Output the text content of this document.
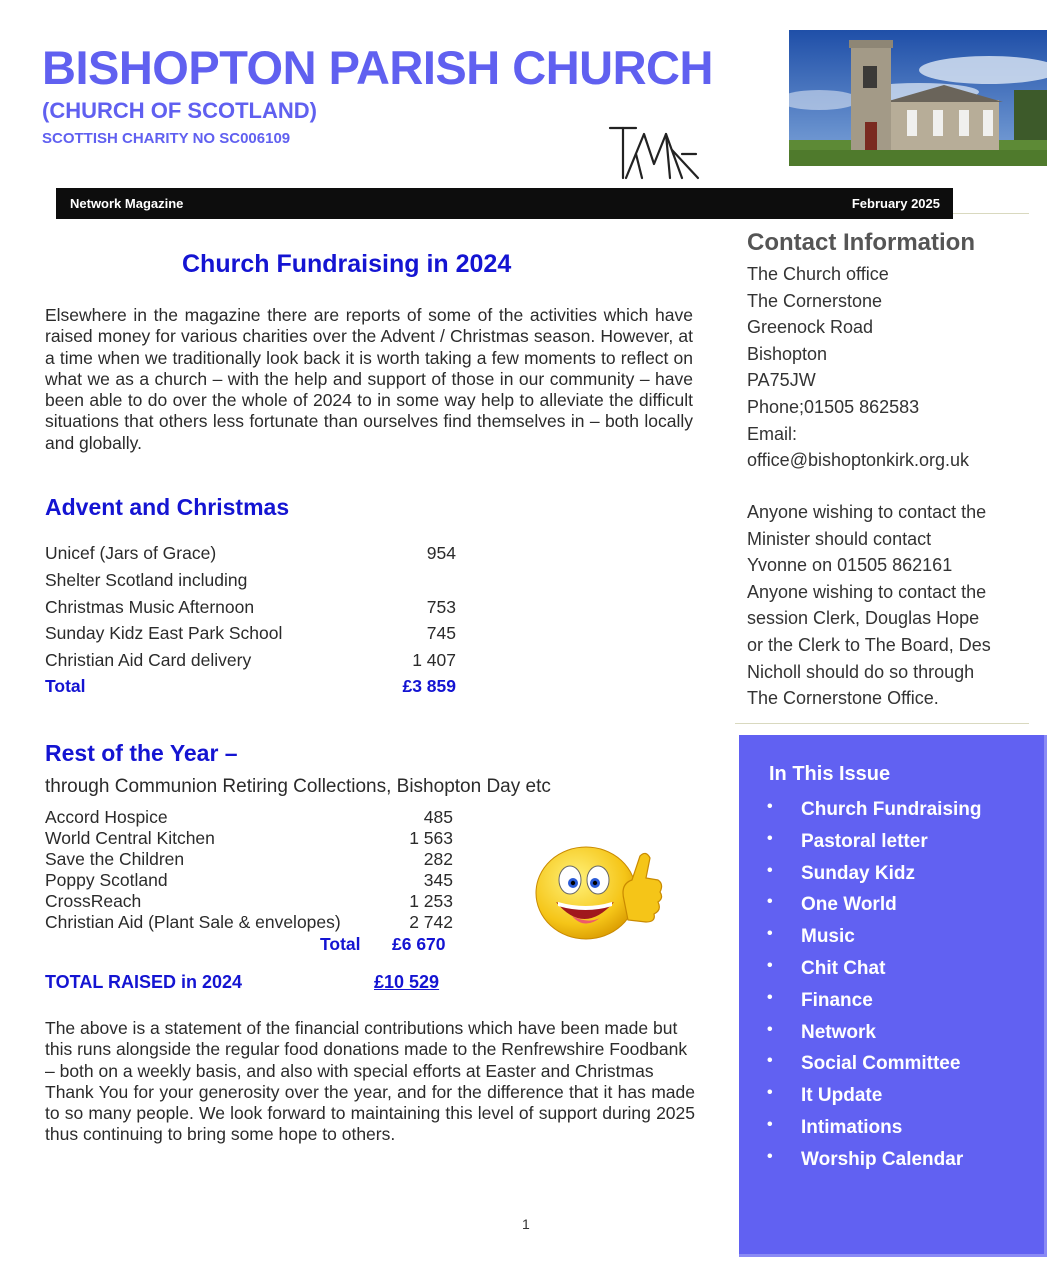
BISHOPTON PARISH CHURCH
(CHURCH OF SCOTLAND)
SCOTTISH CHARITY NO SC006109
Network Magazine	February 2025
Church Fundraising in 2024
Elsewhere in the magazine there are reports of some of the activities which have raised money for various charities over the Advent / Christmas season. However, at a time when we traditionally look back it is worth taking a few moments to reflect on what we as a church – with the help and support of those in our community – have been able to do over the whole of 2024 to in some way help to alleviate the difficult situations that others less fortunate than ourselves find themselves in – both locally and globally.
Advent and Christmas
Unicef (Jars of Grace)	954
Shelter Scotland including
Christmas Music Afternoon	753
Sunday Kidz East Park School	745
Christian Aid Card delivery	1 407
Total	£3 859
Rest of the Year –
through Communion Retiring Collections, Bishopton Day etc
Accord Hospice	485
World Central Kitchen	1 563
Save the Children	282
Poppy Scotland	345
CrossReach	1 253
Christian Aid (Plant Sale & envelopes)	2 742
Total £6 670
TOTAL RAISED in 2024	£10 529
The above is a statement of the financial contributions which have been made but this runs alongside the regular food donations made to the Renfrewshire Foodbank – both on a weekly basis, and also with special efforts at Easter and Christmas
Thank You for your generosity over the year, and for the difference that it has made to so many people. We look forward to maintaining this level of support during 2025 thus continuing to bring some hope to others.
1
Contact Information
The Church office
The Cornerstone
Greenock Road
Bishopton
PA75JW
Phone;01505 862583
Email:
office@bishoptonkirk.org.uk
Anyone wishing to contact the
Minister should contact
Yvonne on 01505 862161
Anyone wishing to contact the
session Clerk, Douglas Hope
or the Clerk to The Board, Des
Nicholl should do so through
The Cornerstone Office.
In This Issue
• Church Fundraising
• Pastoral letter
• Sunday Kidz
• One World
• Music
• Chit Chat
• Finance
• Network
• Social Committee
• It Update
• Intimations
• Worship Calendar
